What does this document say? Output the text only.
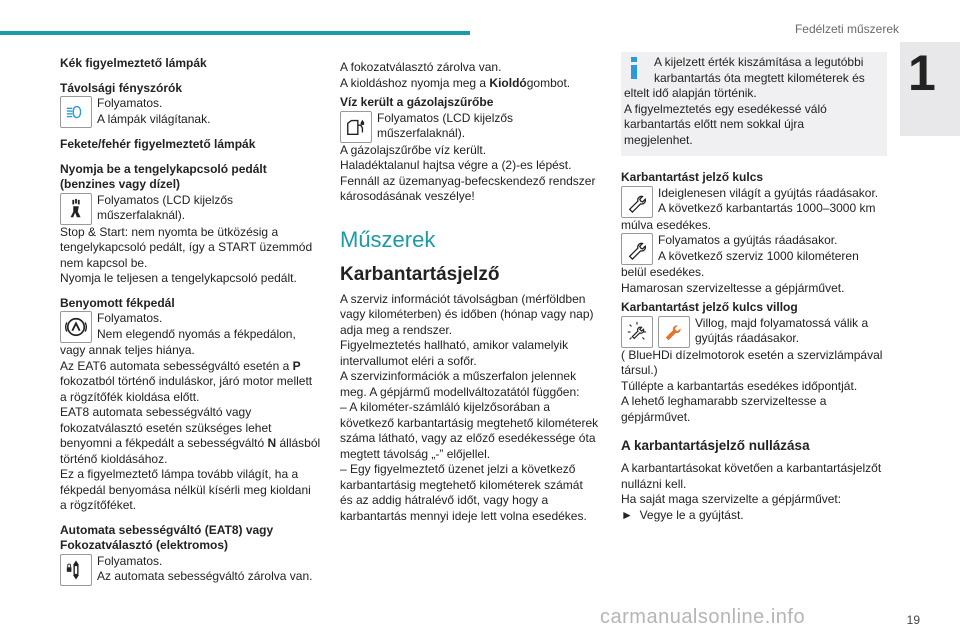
Fedélzeti műszerek
1

Kék figyelmeztető lámpák

Távolsági fényszórók

Folyamatos.

A lámpák világítanak.

Fekete/fehér figyelmeztető lámpák

Nyomja be a tengelykapcsoló pedált

(benzines vagy dízel)

Folyamatos (LCD kijelzős

műszerfalaknál).

Stop & Start: nem nyomta be ütközésig a

tengelykapcsoló pedált, így a START üzemmód

nem kapcsol be.

Nyomja le teljesen a tengelykapcsoló pedált.

Benyomott fékpedál

Folyamatos.

Nem elegendő nyomás a fékpedálon,

vagy annak teljes hiánya.

Az EAT6 automata sebességváltó esetén a P

fokozatból történő induláskor, járó motor mellett

a rögzítőfék kioldása előtt.

EAT8 automata sebességváltó vagy

fokozatválasztó esetén szükséges lehet

benyomni a fékpedált a sebességváltó N állásból

történő kioldásához.

Ez a figyelmeztető lámpa tovább világít, ha a

fékpedál benyomása nélkül kísérli meg kioldani

a rögzítőféket.

Automata sebességváltó (EAT8) vagy

Fokozatválasztó (elektromos)

Folyamatos.

Az automata sebességváltó zárolva van.

A fokozatválasztó zárolva van.

A kioldáshoz nyomja meg a Kioldógombot.

Víz került a gázolajszűrőbe

Folyamatos (LCD kijelzős

műszerfalaknál).

A gázolajszűrőbe víz került.

Haladéktalanul hajtsa végre a (2)-es lépést.

Fennáll az üzemanyag-befecskendező rendszer

károsodásának veszélye!

Műszerek

Karbantartásjelző

A szerviz információt távolságban (mérföldben

vagy kilométerben) és időben (hónap vagy nap)

adja meg a rendszer.

Figyelmeztetés hallható, amikor valamelyik

intervallumot eléri a sofőr.

A szervizinformációk a műszerfalon jelennek

meg. A gépjármű modellváltozatától függően:

– A kilométer-számláló kijelzősorában a

következő karbantartásig megtehető kilométerek

száma látható, vagy az előző esedékessége óta

megtett távolság „-” előjellel.

– Egy figyelmeztető üzenet jelzi a következő

karbantartásig megtehető kilométerek számát

és az addig hátralévő időt, vagy hogy a

karbantartás mennyi ideje lett volna esedékes.

A kijelzett érték kiszámítása a legutóbbi

karbantartás óta megtett kilométerek és

eltelt idő alapján történik.

A figyelmeztetés egy esedékessé váló

karbantartás előtt nem sokkal újra

megjelenhet.

Karbantartást jelző kulcs

Ideiglenesen világít a gyújtás ráadásakor.

A következő karbantartás 1000–3000 km

múlva esedékes.

Folyamatos a gyújtás ráadásakor.

A következő szerviz 1000 kilométeren

belül esedékes.

Hamarosan szervizeltesse a gépjárművet.

Karbantartást jelző kulcs villog

Villog, majd folyamatossá válik a

gyújtás ráadásakor.

( BlueHDi dízelmotorok esetén a szervizlámpával

társul.)

Túllépte a karbantartás esedékes időpontját.

A lehető leghamarabb szervizeltesse a

gépjárművet.

A karbantartásjelző nullázása

A karbantartásokat követően a karbantartásjelzőt

nullázni kell.

Ha saját maga szervizelte a gépjárművet:

► Vegye le a gyújtást.

carmanualsonline.info	19
